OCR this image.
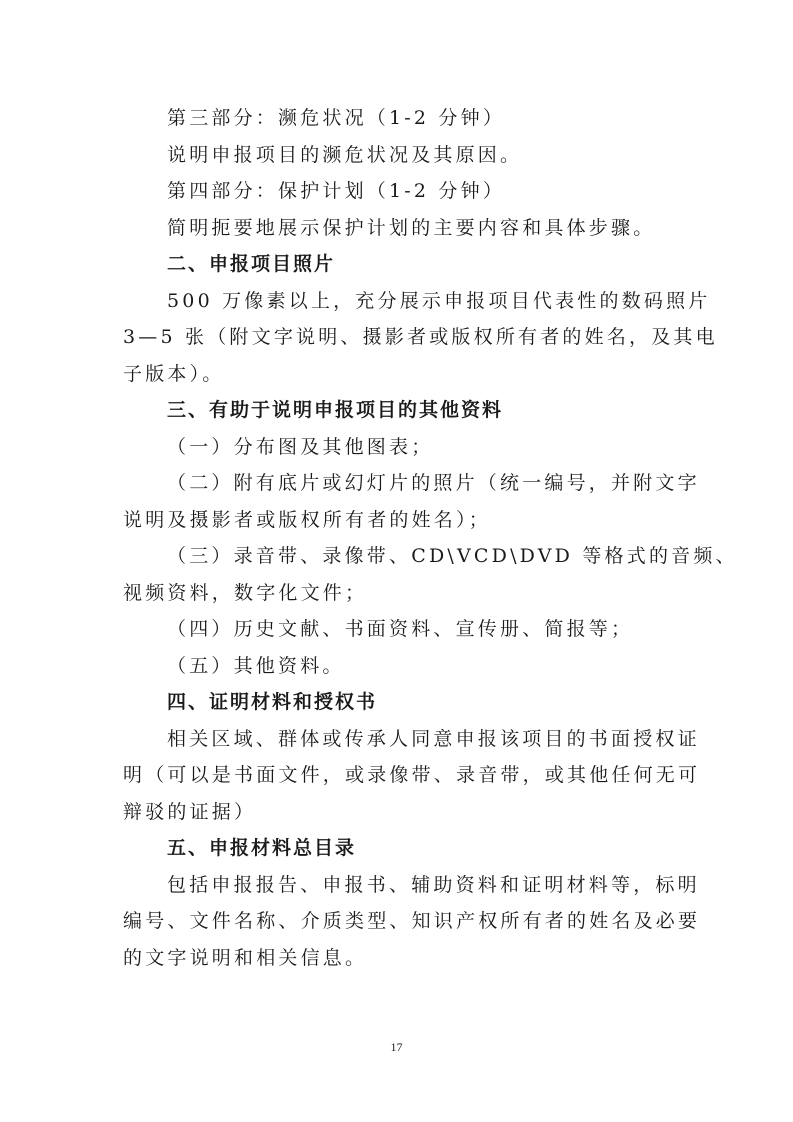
第三部分：濒危状况（1-2 分钟）
说明申报项目的濒危状况及其原因。
第四部分：保护计划（1-2 分钟）
简明扼要地展示保护计划的主要内容和具体步骤。
二、申报项目照片
500 万像素以上，充分展示申报项目代表性的数码照片
3—5 张（附文字说明、摄影者或版权所有者的姓名，及其电
子版本）。
三、有助于说明申报项目的其他资料
（一）分布图及其他图表；
（二）附有底片或幻灯片的照片（统一编号，并附文字
说明及摄影者或版权所有者的姓名）；
（三）录音带、录像带、CD\VCD\DVD 等格式的音频、
视频资料，数字化文件；
（四）历史文献、书面资料、宣传册、简报等；
（五）其他资料。
四、证明材料和授权书
相关区域、群体或传承人同意申报该项目的书面授权证
明（可以是书面文件，或录像带、录音带，或其他任何无可
辩驳的证据）
五、申报材料总目录
包括申报报告、申报书、辅助资料和证明材料等，标明
编号、文件名称、介质类型、知识产权所有者的姓名及必要
的文字说明和相关信息。
17
